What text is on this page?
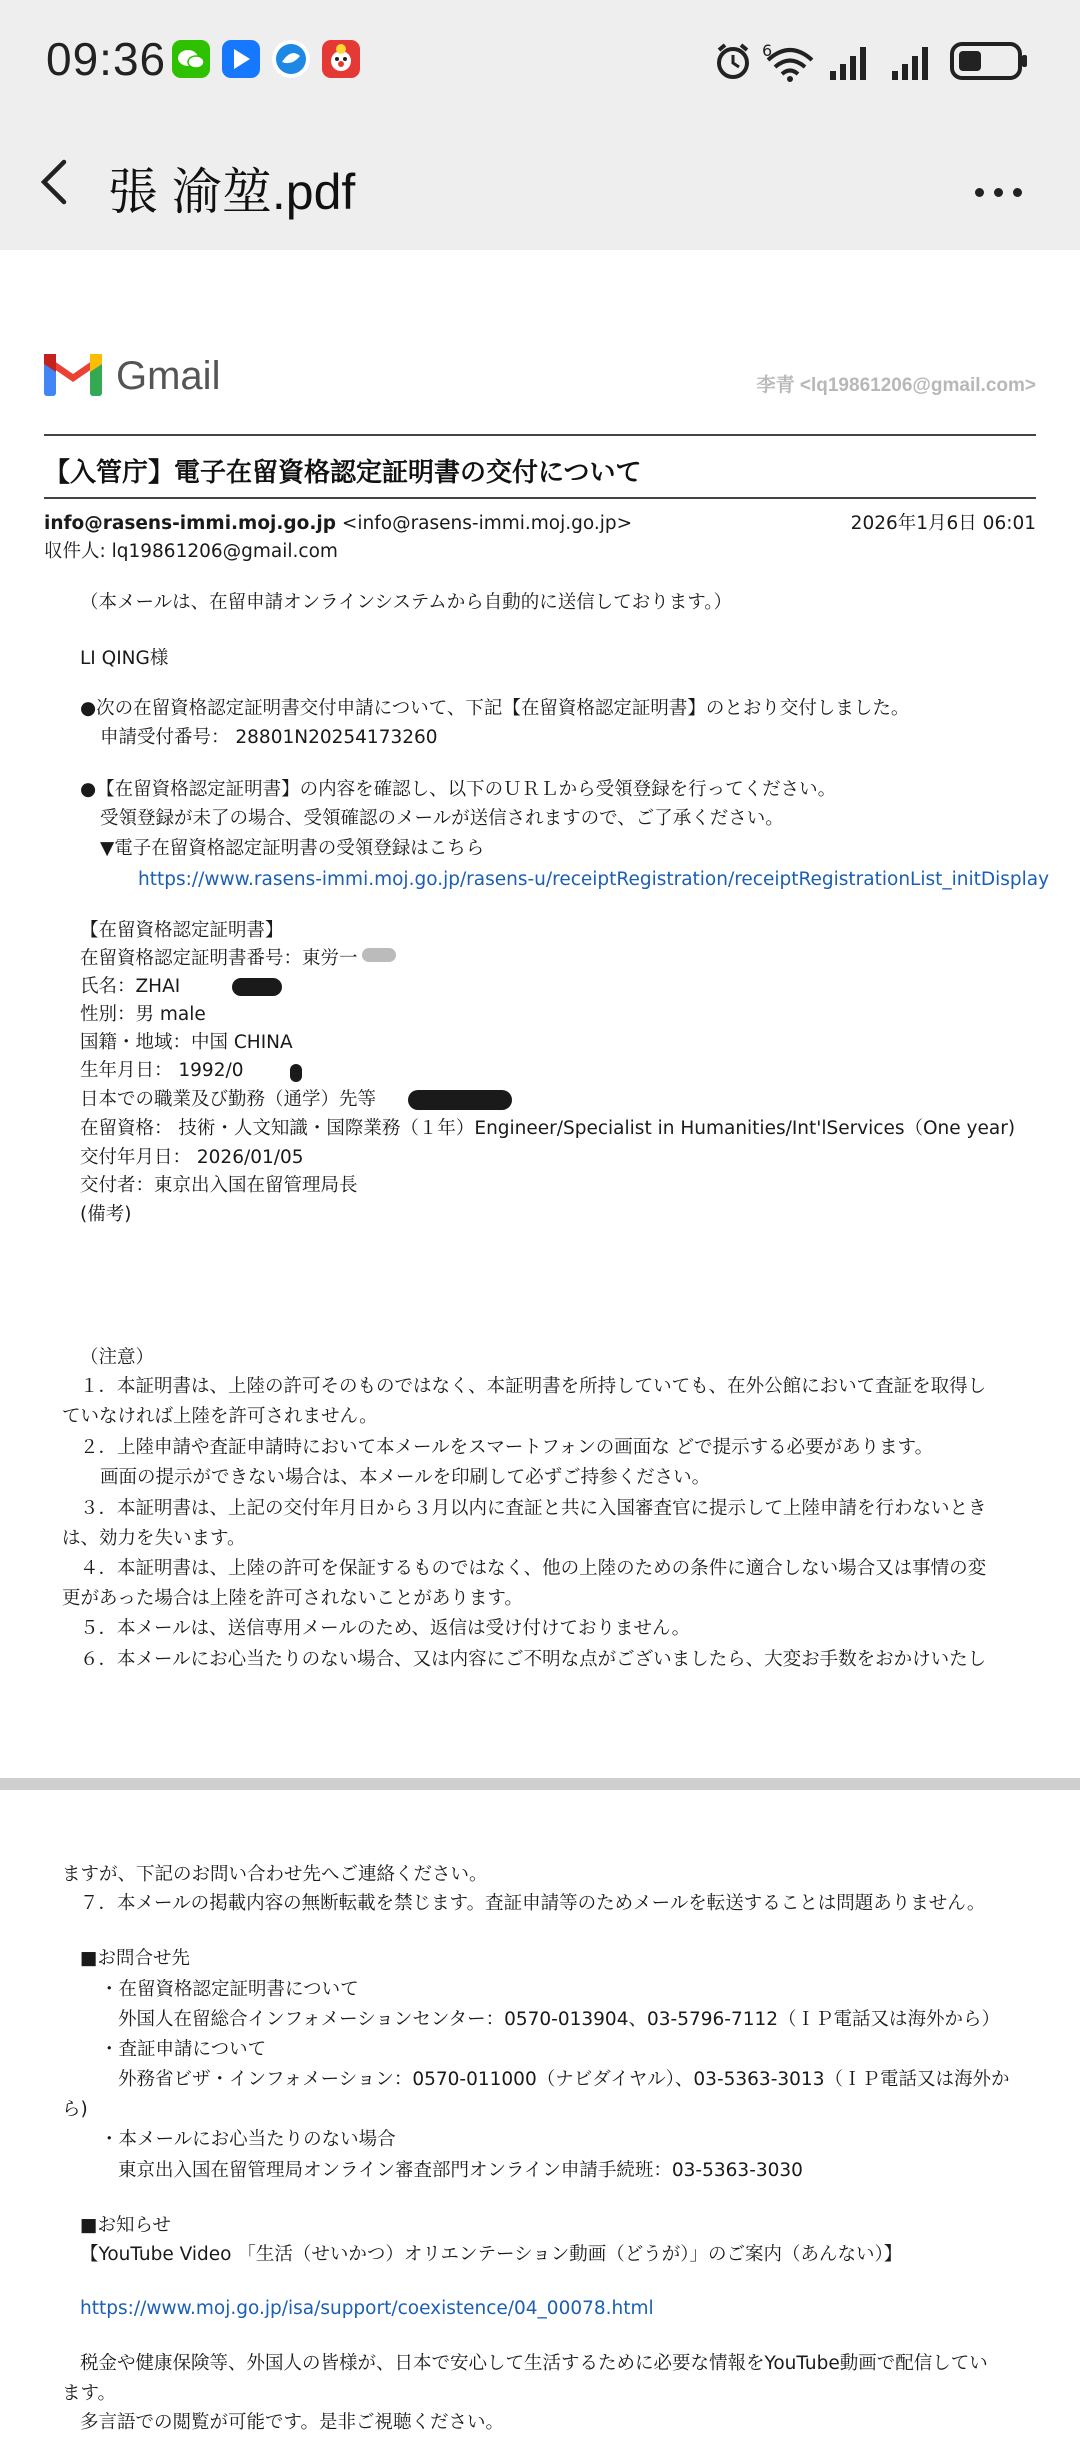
09:36	6
張 渝堃.pdf
Gmail	李青 <lq19861206@gmail.com>
【入管庁】電子在留資格認定証明書の交付について
info@rasens-immi.moj.go.jp <info@rasens-immi.moj.go.jp>	2026年1月6日 06:01
収件人: lq19861206@gmail.com
（本メールは、在留申請オンラインシステムから自動的に送信しております。）
LI QING様
●次の在留資格認定証明書交付申請について、下記【在留資格認定証明書】のとおり交付しました。
申請受付番号： 28801N20254173260
●【在留資格認定証明書】の内容を確認し、以下のＵＲＬから受領登録を行ってください。
受領登録が未了の場合、受領確認のメールが送信されますので、ご了承ください。
▼電子在留資格認定証明書の受領登録はこちら
https://www.rasens-immi.moj.go.jp/rasens-u/receiptRegistration/receiptRegistrationList_initDisplay
【在留資格認定証明書】
在留資格認定証明書番号：東労一
氏名：ZHAI
性別：男 male
国籍・地域：中国 CHINA
生年月日： 1992/0
日本での職業及び勤務（通学）先等
在留資格： 技術・人文知識・国際業務（１年）Engineer/Specialist in Humanities/Int'lServices（One year)
交付年月日： 2026/01/05
交付者：東京出入国在留管理局長
(備考)
（注意）
１．本証明書は、上陸の許可そのものではなく、本証明書を所持していても、在外公館において査証を取得し
ていなければ上陸を許可されません。
２．上陸申請や査証申請時において本メールをスマートフォンの画面な どで提示する必要があります。
画面の提示ができない場合は、本メールを印刷して必ずご持参ください。
３．本証明書は、上記の交付年月日から３月以内に査証と共に入国審査官に提示して上陸申請を行わないとき
は、効力を失います。
４．本証明書は、上陸の許可を保証するものではなく、他の上陸のための条件に適合しない場合又は事情の変
更があった場合は上陸を許可されないことがあります。
５．本メールは、送信専用メールのため、返信は受け付けておりません。
６．本メールにお心当たりのない場合、又は内容にご不明な点がございましたら、大変お手数をおかけいたし
ますが、下記のお問い合わせ先へご連絡ください。
７．本メールの掲載内容の無断転載を禁じます。査証申請等のためメールを転送することは問題ありません。
■お問合せ先
・在留資格認定証明書について
外国人在留総合インフォメーションセンター：0570-013904、03-5796-7112（ＩＰ電話又は海外から）
・査証申請について
外務省ビザ・インフォメーション：0570-011000（ナビダイヤル）、03-5363-3013（ＩＰ電話又は海外か
ら)
・本メールにお心当たりのない場合
東京出入国在留管理局オンライン審査部門オンライン申請手続班：03-5363-3030
■お知らせ
【YouTube Video 「生活（せいかつ）オリエンテーション動画（どうが）」のご案内（あんない）】
https://www.moj.go.jp/isa/support/coexistence/04_00078.html
税金や健康保険等、外国人の皆様が、日本で安心して生活するために必要な情報をYouTube動画で配信してい
ます。
多言語での閲覧が可能です。是非ご視聴ください。
